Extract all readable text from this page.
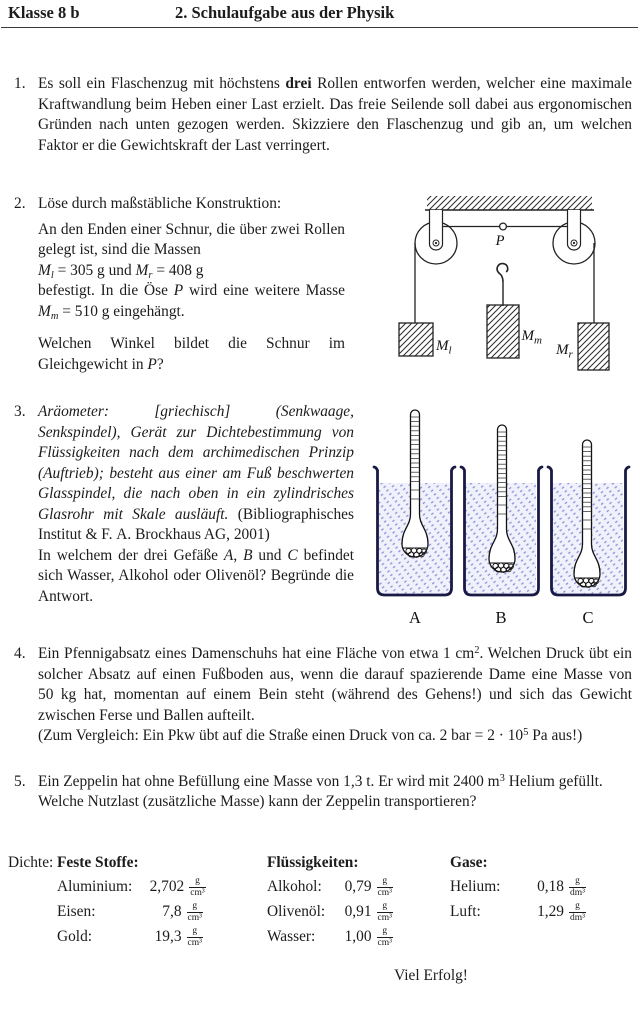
Klasse 8 b	2. Schulaufgabe aus der Physik
1. Es soll ein Flaschenzug mit höchstens drei Rollen entworfen werden, welcher eine maximale Kraftwandlung beim Heben einer Last erzielt. Das freie Seilende soll dabei aus ergonomischen Gründen nach unten gezogen werden. Skizziere den Flaschenzug und gib an, um welchen Faktor er die Gewichtskraft der Last verringert.
2. Löse durch maßstäbliche Konstruktion:
An den Enden einer Schnur, die über zwei Rollen gelegt ist, sind die Massen
$M_l = 305$ g und $M_r = 408$ g
befestigt. In die Öse P wird eine weitere Masse $M_m = 510$ g eingehängt.
Welchen Winkel bildet die Schnur im Gleichgewicht in P?
P
$M_l$
$M_m$
$M_r$
3. Aräometer: [griechisch] (Senkwaage, Senkspindel), Gerät zur Dichtebestimmung von Flüssigkeiten nach dem archimedischen Prinzip (Auftrieb); besteht aus einer am Fuß beschwerten Glasspindel, die nach oben in ein zylindrisches Glasrohr mit Skale ausläuft. (Bibliographisches Institut & F. A. Brockhaus AG, 2001)
In welchem der drei Gefäße A, B und C befindet sich Wasser, Alkohol oder Olivenöl? Begründe die Antwort.
A	B	C
4. Ein Pfennigabsatz eines Damenschuhs hat eine Fläche von etwa 1 $cm^2$. Welchen Druck übt ein solcher Absatz auf einen Fußboden aus, wenn die darauf spazierende Dame eine Masse von 50 kg hat, momentan auf einem Bein steht (während des Gehens!) und sich das Gewicht zwischen Ferse und Ballen aufteilt.
(Zum Vergleich: Ein Pkw übt auf die Straße einen Druck von ca. 2 bar = $2 \cdot 10^5$ Pa aus!)
5. Ein Zeppelin hat ohne Befüllung eine Masse von 1,3 t. Er wird mit 2400 $m^3$ Helium gefüllt.
Welche Nutzlast (zusätzliche Masse) kann der Zeppelin transportieren?
Dichte: Feste Stoffe:
Aluminium:	$2,702 \frac{g}{\text{cm³}}$
Eisen:	$7,8 \frac{g}{\text{cm³}}$
Gold:	$19,3 \frac{g}{\text{cm³}}$
Flüssigkeiten:
Alkohol:	$0,79 \frac{g}{\text{cm³}}$
Olivenöl:	$0,91 \frac{g}{\text{cm³}}$
Wasser:	$1,00 \frac{g}{\text{cm³}}$
Gase:
Helium:	$0,18 \frac{g}{\text{dm³}}$
Luft:	$1,29 \frac{g}{\text{dm³}}$
Viel Erfolg!
